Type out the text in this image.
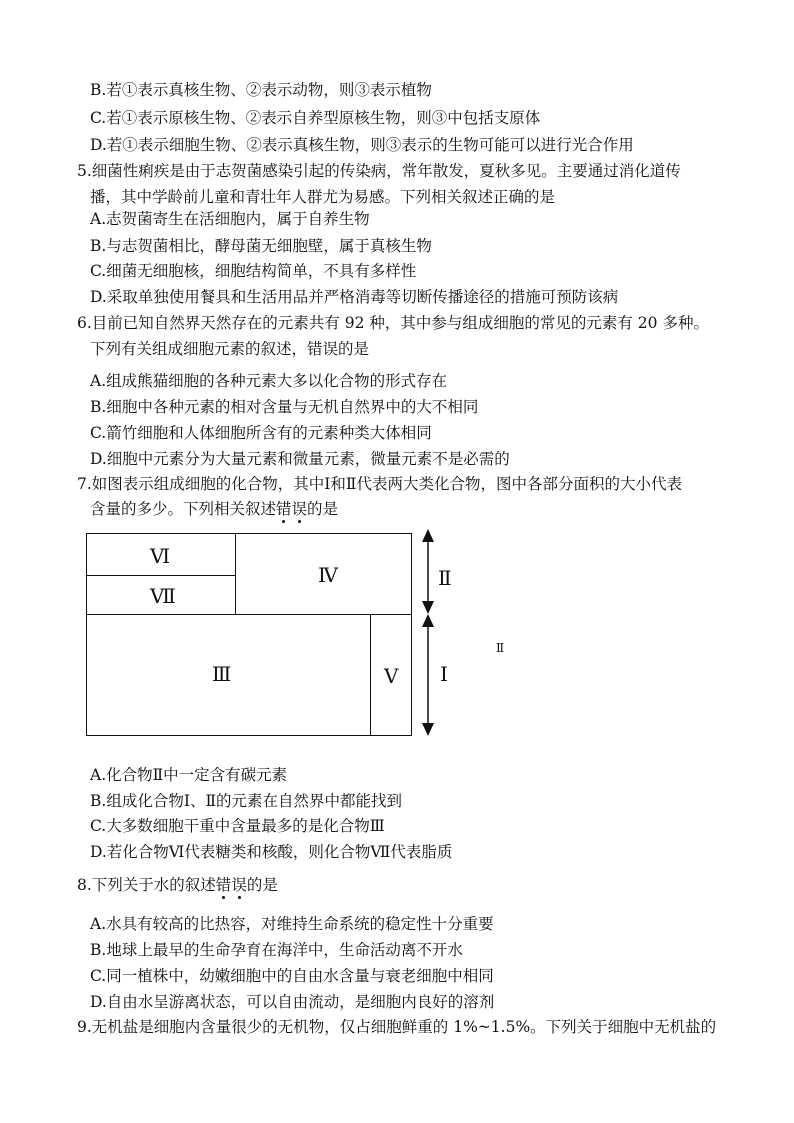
B.若①表示真核生物、②表示动物，则③表示植物
C.若①表示原核生物、②表示自养型原核生物，则③中包括支原体
D.若①表示细胞生物、②表示真核生物，则③表示的生物可能可以进行光合作用
5.细菌性痢疾是由于志贺菌感染引起的传染病，常年散发，夏秋多见。主要通过消化道传
播，其中学龄前儿童和青壮年人群尤为易感。下列相关叙述正确的是
A.志贺菌寄生在活细胞内，属于自养生物
B.与志贺菌相比，酵母菌无细胞壁，属于真核生物
C.细菌无细胞核，细胞结构简单，不具有多样性
D.采取单独使用餐具和生活用品并严格消毒等切断传播途径的措施可预防该病
6.目前已知自然界天然存在的元素共有 92 种，其中参与组成细胞的常见的元素有 20 多种。
下列有关组成细胞元素的叙述，错误的是
A.组成熊猫细胞的各种元素大多以化合物的形式存在
B.细胞中各种元素的相对含量与无机自然界中的大不相同
C.箭竹细胞和人体细胞所含有的元素种类大体相同
D.细胞中元素分为大量元素和微量元素，微量元素不是必需的
7.如图表示组成细胞的化合物，其中Ⅰ和Ⅱ代表两大类化合物，图中各部分面积的大小代表
含量的多少。下列相关叙述错误的是
Ⅵ
Ⅶ
Ⅳ
Ⅲ	Ⅴ
Ⅱ
Ⅰ
Ⅱ
A.化合物Ⅱ中一定含有碳元素
B.组成化合物Ⅰ、Ⅱ的元素在自然界中都能找到
C.大多数细胞干重中含量最多的是化合物Ⅲ
D.若化合物Ⅵ代表糖类和核酸，则化合物Ⅶ代表脂质
8.下列关于水的叙述错误的是
A.水具有较高的比热容，对维持生命系统的稳定性十分重要
B.地球上最早的生命孕育在海洋中，生命活动离不开水
C.同一植株中，幼嫩细胞中的自由水含量与衰老细胞中相同
D.自由水呈游离状态，可以自由流动，是细胞内良好的溶剂
9.无机盐是细胞内含量很少的无机物，仅占细胞鲜重的 1%~1.5%。下列关于细胞中无机盐的
